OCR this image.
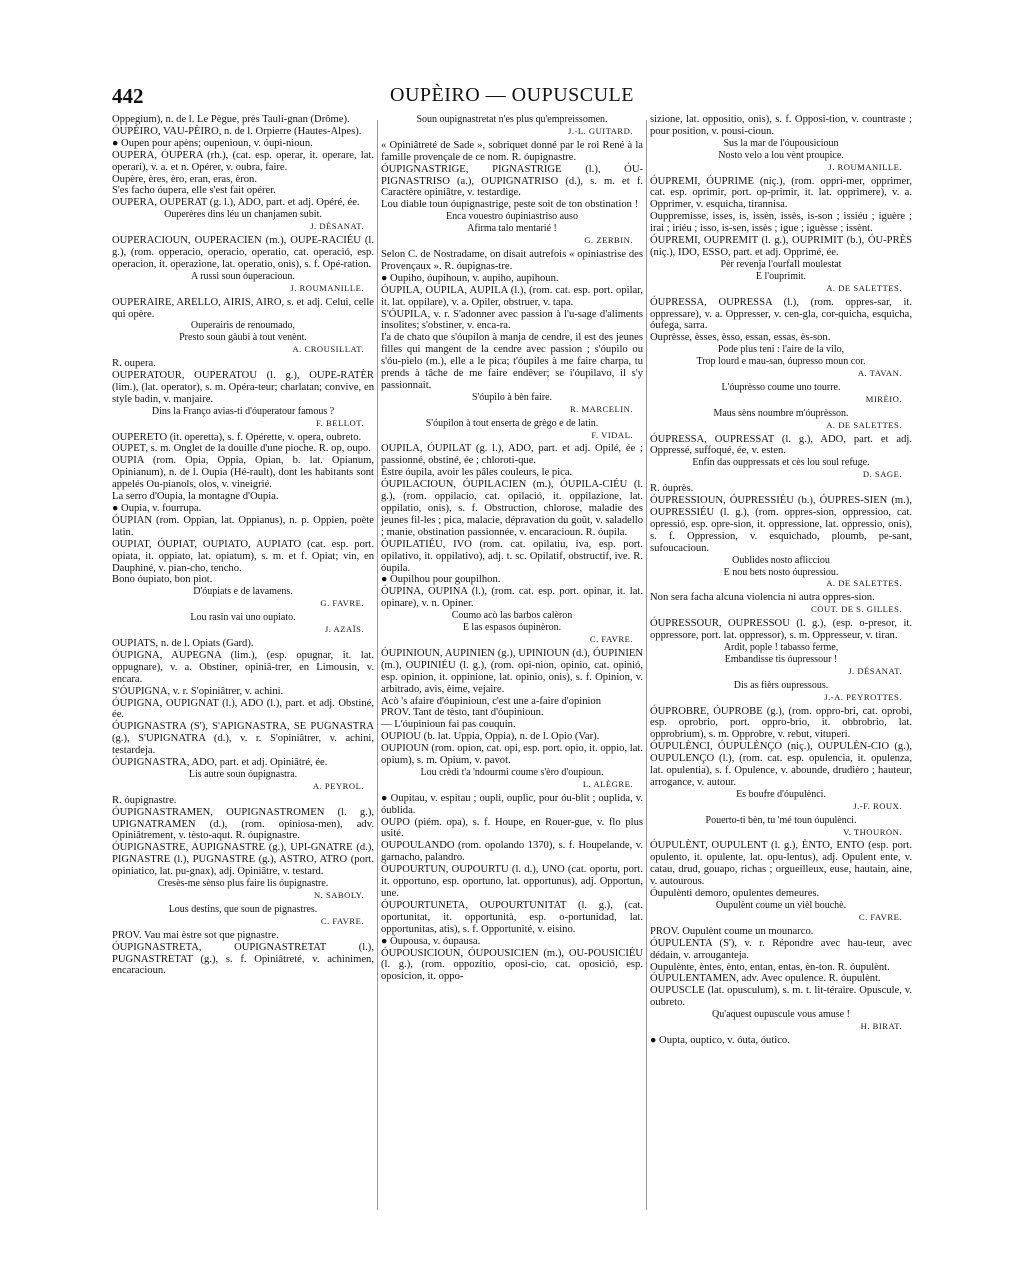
442	OUPÈIRO — OUPUSCULE

Oppegium), n. de l. Le Pègue, près Tauli-gnan (Drôme).

ÓUPÈIRO, VAU-PÈIRO, n. de l. Orpierre (Hautes-Alpes).

● Oupen pour apèns; oupenioun, v. óupi-nioun.

OUPERA, ÓUPERA (rh.), (cat. esp. operar, it. operare, lat. operari), v. a. et n. Opérer, v. oubra, faire.

Oupère, ères, èro, eran, eras, èron.

S'es facho óupera, elle s'est fait opérer.

OUPERA, OUPERAT (g. l.), ADO, part. et adj. Opéré, ée.

Ouperères dins léu un chanjamen subit.

J. DÉSANAT.

OUPERACIOUN, OUPERACIEN (m.), OUPE-RACIÉU (l. g.), (rom. opperacio, operacio, operatio, cat. operació, esp. operacion, it. operazione, lat. operatio, onis), s. f. Opé-ration.

A russi soun óuperacioun.

J. ROUMANILLE.

OUPERAIRE, ARELLO, AIRIS, AIRO, s. et adj. Celui, celle qui opère.

Ouperairis de renoumado,

Presto soun gàubi à tout venènt.

A. CROUSILLAT.

R. oupera.

OUPERATOUR, OUPERATOU (l. g.), OUPE-RATÈR (lim.), (lat. operator), s. m. Opéra-teur; charlatan; convive, en style badin, v. manjaire.

Dins la Franço avias-ti d'óuperatour famous ?

F. BELLOT.

OUPERETO (it. operetta), s. f. Opérette, v. opera, oubreto.

OUPET, s. m. Onglet de la douille d'une pioche. R. op, oupo.

OUPIA (rom. Opia, Oppia, Opian, b. lat. Opianum, Opinianum), n. de l. Oupia (Hé-rault), dont les habitants sont appelés Ou-pianols, olos, v. vineigrié.

La serro d'Oupia, la montagne d'Oupia.

● Oupia, v. fourrupa.

ÓUPIAN (rom. Oppian, lat. Oppianus), n. p. Oppien, poète latin.

OUPIAT, ÓUPIAT, OUPIATO, AUPIATO (cat. esp. port. opiata, it. oppiato, lat. opiatum), s. m. et f. Opiat; vin, en Dauphiné, v. pian-cho, tencho.

Bono óupiato, bon piot.

D'óupiats e de lavamens.

G. FAVRE.

Lou rasin vai uno oupiato.

J. AZAÏS.

OUPIATS, n. de l. Opiats (Gard).

ÓUPIGNA, AUPEGNA (lim.), (esp. opugnar, it. lat. oppugnare), v. a. Obstiner, opiniâ-trer, en Limousin, v. encara.

S'ÓUPIGNA, v. r. S'opiniâtrer, v. achini.

ÓUPIGNA, OUPIGNAT (l.), ADO (l.), part. et adj. Obstiné, ée.

ÓUPIGNASTRA (S'), S'APIGNASTRA, SE PUGNASTRA (g.), S'UPIGNATRA (d.), v. r. S'opiniâtrer, v. achini, testardeja.

ÓUPIGNASTRA, ADO, part. et adj. Opiniâtré, ée.

Lis autre soun óupignastra.

A. PEYROL.

R. óupignastre.

ÓUPIGNASTRAMEN, OUPIGNASTROMEN (l. g.), UPIGNATRAMEN (d.), (rom. opiniosa-men), adv. Opiniâtrement, v. tèsto-aqut. R. óupignastre.

ÓUPIGNASTRE, AUPIGNASTRE (g.), UPI-GNATRE (d.), PIGNASTRE (l.), PUGNASTRE (g.), ASTRO, ATRO (port. opiniatico, lat. pu-gnax), adj. Opiniâtre, v. testard.

Cresès-me sènso plus faire lis óupignastre.

N. SABOLY.

Lous destins, que soun de pignastres.

C. FAVRE.

PROV. Vau mai èstre sot que pignastre.

ÓUPIGNASTRETA, OUPIGNASTRETAT (l.), PUGNASTRETAT (g.), s. f. Opiniâtreté, v. achinimen, encaracioun.

Soun oupignastretat n'es plus qu'empreissomen.

J.-L. GUITARD.

« Opiniâtreté de Sade », sobriquet donné par le roi René à la famille provençale de ce nom. R. óupignastre.

ÓUPIGNASTRIGE, PIGNASTRIGE (l.), ÓU-PIGNASTRISO (a.), OUPIGNATRISO (d.), s. m. et f. Caractère opiniâtre, v. testardige.

Lou diable toun óupignastrige, peste soit de ton obstination !

Enca vouestro óupiniastriso auso

Afirma talo mentarié !

G. ZERBIN.

Selon C. de Nostradame, on disait autrefois « opiniastrise des Provençaux ». R. óupignas-tre.

● Oupiho, óupihoun, v. aupiho, aupihoun.

ÓUPILA, OUPILA, AUPILA (l.), (rom. cat. esp. port. opilar, it. lat. oppilare), v. a. Opiler, obstruer, v. tapa.

S'ÓUPILA, v. r. S'adonner avec passion à l'u-sage d'aliments insolites; s'obstiner, v. enca-ra.

I'a de chato que s'óupilon à manja de cendre, il est des jeunes filles qui mangent de la cendre avec passion ; s'óupilo ou s'óu-pielo (m.), elle a le pica; t'óupiles à me faire charpa, tu prends à tâche de me faire endêver; se i'óupilavo, il s'y passionnait.

S'óupilo à bèn faire.

R. MARCELIN.

S'óupilon à tout enserta de grègo e de latin.

F. VIDAL.

OUPILA, ÓUPILAT (g. l.), ADO, part. et adj. Opilé, ée ; passionné, obstiné, ée ; chloroti-que.

Èstre óupila, avoir les pâles couleurs, le pica.

ÓUPILACIOUN, ÓUPILACIEN (m.), ÓUPILA-CIÉU (l. g.), (rom. oppilacio, cat. opilació, it. oppilazione, lat. oppilatio, onis), s. f. Obstruction, chlorose, maladie des jeunes fil-les ; pica, malacie, dépravation du goût, v. saladello ; manie, obstination passionnée, v. encaracioun. R. óupila.

ÓUPILATIÉU, IVO (rom. cat. opilatiu, iva, esp. port. opilativo, it. oppilativo), adj. t. sc. Opilatif, obstructif, ive. R. óupila.

● Oupilhou pour goupilhon.

ÓUPINA, OUPINA (l.), (rom. cat. esp. port. opinar, it. lat. opinare), v. n. Opiner.

Coumo acò las barbos calèron

E las espasos óupinèron.

C. FAVRE.

ÓUPINIOUN, AUPINIEN (g.), UPINIOUN (d.), ÓUPINIEN (m.), OUPINIÉU (l. g.), (rom. opi-nion, opinio, cat. opinió, esp. opinion, it. oppinione, lat. opinio, onis), s. f. Opinion, v. arbitrado, avis, èime, vejaire.

Acò 's afaire d'óupinioun, c'est une a-faire d'opinion

PROV. Tant de tèsto, tant d'óupinioun.

— L'óupinioun fai pas couquin.

OUPIOU (b. lat. Uppia, Oppia), n. de l. Opio (Var).

OUPIOUN (rom. opion, cat. opi, esp. port. opio, it. oppio, lat. opium), s. m. Opium, v. pavot.

Lou crèdi t'a 'ndourmi coume s'èro d'oupioun.

L. ALÈGRE.

● Oupitau, v. espitau ; oupli, ouplic, pour óu-blit ; ouplida, v. óublida.

OUPO (piém. opa), s. f. Houpe, en Rouer-gue, v. flo plus usité.

OUPOULANDO (rom. opolando 1370), s. f. Houpelande, v. garnacho, palandro.

ÓUPOURTUN, OUPOURTU (l. d.), UNO (cat. oportu, port. it. opportuno, esp. oportuno, lat. opportunus), adj. Opportun, une.

ÓUPOURTUNETA, OUPOURTUNITAT (l. g.), (cat. oportunitat, it. opportunità, esp. o-portunidad, lat. opportunitas, atis), s. f. Opportunité, v. eisino.

● Óupousa, v. óupausa.

ÓUPOUSICIOUN, ÓUPOUSICIEN (m.), OU-POUSICIÉU (l. g.), (rom. oppozitio, oposi-cio, cat. oposició, esp. oposicion, it. oppo-

sizione, lat. oppositio, onis), s. f. Opposi-tion, v. countraste ; pour position, v. pousi-cioun.

Sus la mar de l'óupousicioun

Nosto velo a lou vènt proupice.

J. ROUMANILLE.

ÓUPREMI, ÓUPRIME (niç.), (rom. oppri-mer, opprimer, cat. esp. oprimir, port. op-primir, it. lat. opprimere), v. a. Opprimer, v. esquicha, tirannisa.

Ouppremisse, isses, is, issèn, issès, is-son ; issiéu ; iguère ; irai ; iriéu ; isso, is-sen, issès ; igue ; iguèsse ; issènt.

ÓUPREMI, OUPREMIT (l. g.), OUPRIMIT (b.), ÓU-PRÈS (niç.), IDO, ESSO, part. et adj. Opprimé, ée.

Pèr revenja l'ourfaIl moulestat

E l'ouprimit.

A. DE SALETTES.

ÓUPRESSA, OUPRESSA (l.), (rom. oppres-sar, it. oppressare), v. a. Oppresser, v. cen-gla, cor-quicha, esquicha, óufega, sarra.

Ouprèsse, èsses, èsso, essan, essas, ès-son.

Pode plus teni : l'aire de la vilo,

Trop lourd e mau-san, óupresso moun cor.

A. TAVAN.

L'óuprèsso coume uno tourre.

MIRÈIO.

Maus sèns noumbre m'óuprèsson.

A. DE SALETTES.

ÓUPRESSA, OUPRESSAT (l. g.), ADO, part. et adj. Oppressé, suffoqué, ée, v. esten.

Enfin das ouppressats et cès lou soul refuge.

D. SAGE.

R. óuprès.

ÓUPRESSIOUN, ÓUPRESSIÉU (b.), ÓUPRES-SIEN (m.), OUPRESSIÉU (l. g.), (rom. oppres-sion, oppressioo, cat. opressió, esp. opre-sion, it. oppressione, lat. oppressio, onis), s. f. Oppression, v. esquichado, ploumb, pe-sant, sufoucacioun.

Oublides nosto aflicciou

E nou bets nosto óupressiou.

A. DE SALETTES.

Non sera facha alcuna violencia ni autra oppres-sion.

COUT. DE S. GILLES.

ÓUPRESSOUR, OUPRESSOU (l. g.), (esp. o-presor, it. oppressore, port. lat. oppressor), s. m. Oppresseur, v. tiran.

Ardit, pople ! tabasso ferme,

Embandisse tis óupressour !

J. DÉSANAT.

Dis as fièrs oupressous.

J.-A. PEYROTTES.

ÓUPROBRE, ÓUPROBE (g.), (rom. oppro-bri, cat. oprobi, esp. oprobrio, port. oppro-brio, it. obbrobrio, lat. opprobrium), s. m. Opprobre, v. rebut, vituperi.

ÓUPULÈNCI, ÓUPULÈNÇO (niç.), OUPULÈN-CIO (g.), OUPULENÇO (l.), (rom. cat. esp. opulencia, it. opulenza, lat. opulentia), s. f. Opulence, v. abounde, drudièro ; hauteur, arrogance, v. autour.

Es boufre d'óupulènci.

J.-F. ROUX.

Pouerto-ti bèn, tu 'mé toun óupulènci.

V. THOURON.

ÓUPULÈNT, OUPULENT (l. g.), ÈNTO, ENTO (esp. port. opulento, it. opulente, lat. opu-lentus), adj. Opulent ente, v. catau, drud, gouapo, richas ; orgueilleux, euse, hautain, aine, v. autourous.

Óupulènti demoro, opulentes demeures.

Oupulènt coume un vièl bouchè.

C. FAVRE.

PROV. Oupulènt coume un mounarco.

ÓUPULENTA (S'), v. r. Répondre avec hau-teur, avec dédain, v. arrouganteja.

Oupulènte, èntes, ènto, entan, entas, èn-ton. R. óupulènt.

ÓUPULENTAMEN, adv. Avec opulence. R. óupulènt.

OUPUSCLE (lat. opusculum), s. m. t. lit-téraire. Opuscule, v. oubreto.

Qu'aquest oupuscule vous amuse !

H. BIRAT.

● Oupta, ouptico, v. óuta, óutico.
